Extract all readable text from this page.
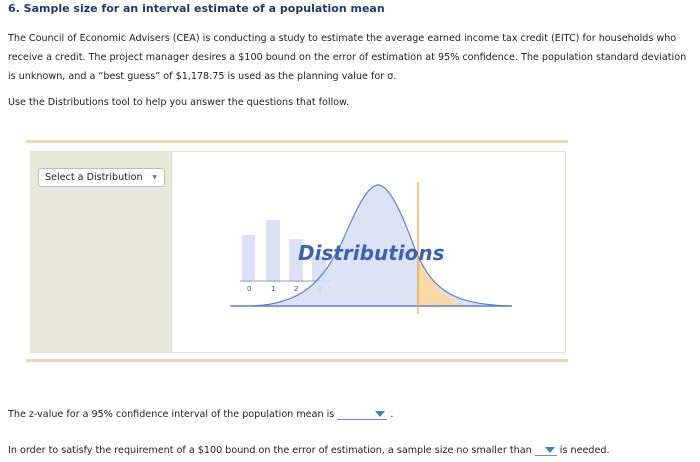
6. Sample size for an interval estimate of a population mean
The Council of Economic Advisers (CEA) is conducting a study to estimate the average earned income tax credit (EITC) for households who receive a credit. The project manager desires a $100 bound on the error of estimation at 95% confidence. The population standard deviation is unknown, and a “best guess” of $1,178.75 is used as the planning value for σ.
Use the Distributions tool to help you answer the questions that follow.
Select a Distribution ▼
0	1	2
Distributions
The z-value for a 95% confidence interval of the population mean is	.
In order to satisfy the requirement of a $100 bound on the error of estimation, a sample size no smaller than	is needed.
